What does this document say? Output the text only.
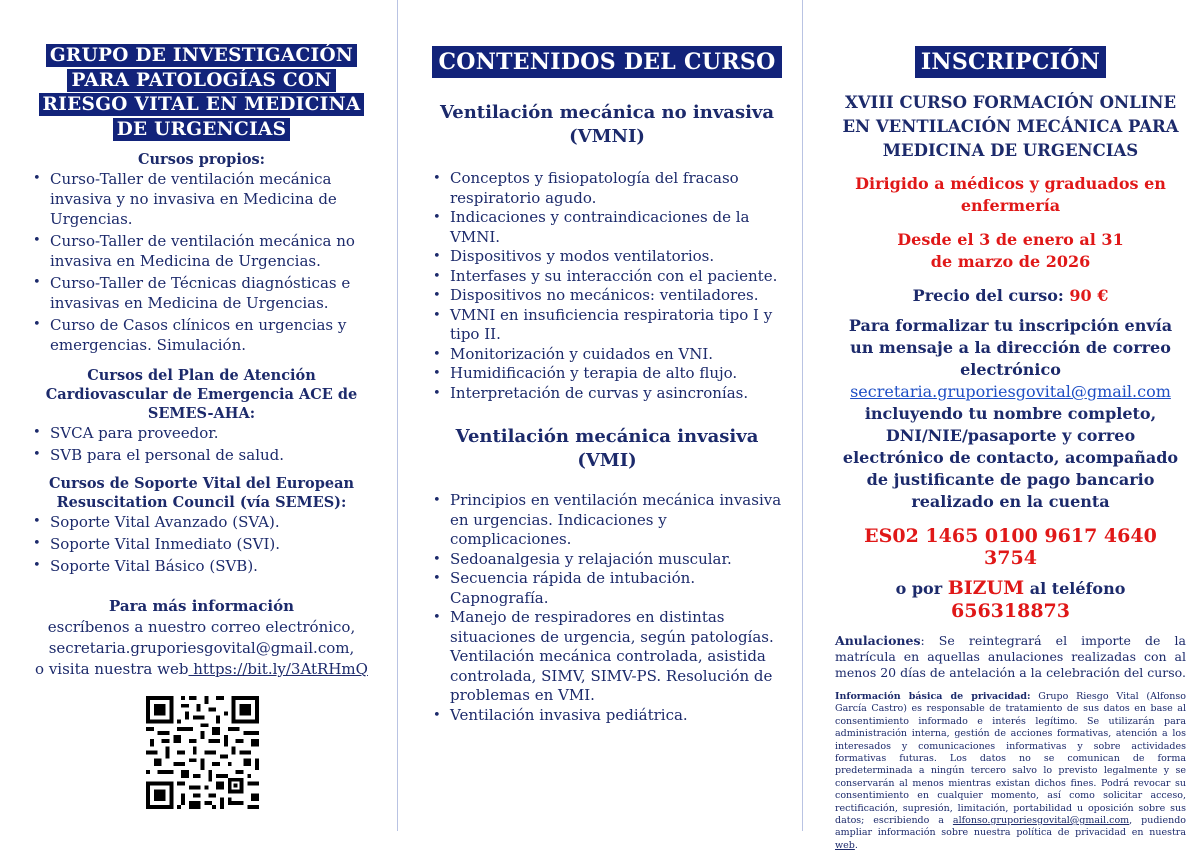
GRUPO DE INVESTIGACIÓN PARA PATOLOGÍAS CON RIESGO VITAL EN MEDICINA DE URGENCIAS
Cursos propios:
• Curso-Taller de ventilación mecánica invasiva y no invasiva en Medicina de Urgencias.
• Curso-Taller de ventilación mecánica no invasiva en Medicina de Urgencias.
• Curso-Taller de Técnicas diagnósticas e invasivas en Medicina de Urgencias.
• Curso de Casos clínicos en urgencias y emergencias. Simulación.
Cursos del Plan de Atención Cardiovascular de Emergencia ACE de SEMES-AHA:
• SVCA para proveedor.
• SVB para el personal de salud.
Cursos de Soporte Vital del European Resuscitation Council (vía SEMES):
• Soporte Vital Avanzado (SVA).
• Soporte Vital Inmediato (SVI).
• Soporte Vital Básico (SVB).
Para más información
escríbenos a nuestro correo electrónico,
secretaria.gruporiesgovital@gmail.com,
o visita nuestra web https://bit.ly/3AtRHmQ
CONTENIDOS DEL CURSO
Ventilación mecánica no invasiva (VMNI)
• Conceptos y fisiopatología del fracaso respiratorio agudo.
• Indicaciones y contraindicaciones de la VMNI.
• Dispositivos y modos ventilatorios.
• Interfases y su interacción con el paciente.
• Dispositivos no mecánicos: ventiladores.
• VMNI en insuficiencia respiratoria tipo I y tipo II.
• Monitorización y cuidados en VNI.
• Humidificación y terapia de alto flujo.
• Interpretación de curvas y asincronías.
Ventilación mecánica invasiva (VMI)
• Principios en ventilación mecánica invasiva en urgencias. Indicaciones y complicaciones.
• Sedoanalgesia y relajación muscular.
• Secuencia rápida de intubación. Capnografía.
• Manejo de respiradores en distintas situaciones de urgencia, según patologías. Ventilación mecánica controlada, asistida controlada, SIMV, SIMV-PS. Resolución de problemas en VMI.
• Ventilación invasiva pediátrica.
INSCRIPCIÓN
XVIII CURSO FORMACIÓN ONLINE EN VENTILACIÓN MECÁNICA PARA MEDICINA DE URGENCIAS
Dirigido a médicos y graduados en enfermería
Desde el 3 de enero al 31 de marzo de 2026
Precio del curso: 90 €
Para formalizar tu inscripción envía un mensaje a la dirección de correo electrónico
secretaria.gruporiesgovital@gmail.com
incluyendo tu nombre completo, DNI/NIE/pasaporte y correo electrónico de contacto, acompañado de justificante de pago bancario realizado en la cuenta
ES02 1465 0100 9617 4640 3754
o por BIZUM al teléfono 656318873
Anulaciones: Se reintegrará el importe de la matrícula en aquellas anulaciones realizadas con al menos 20 días de antelación a la celebración del curso.
Información básica de privacidad: Grupo Riesgo Vital (Alfonso García Castro) es responsable de tratamiento de sus datos en base al consentimiento informado e interés legítimo. Se utilizarán para administración interna, gestión de acciones formativas, atención a los interesados y comunicaciones informativas y sobre actividades formativas futuras. Los datos no se comunican de forma predeterminada a ningún tercero salvo lo previsto legalmente y se conservarán al menos mientras existan dichos fines. Podrá revocar su consentimiento en cualquier momento, así como solicitar acceso, rectificación, supresión, limitación, portabilidad u oposición sobre sus datos; escribiendo a alfonso.gruporiesgovital@gmail.com, pudiendo ampliar información sobre nuestra política de privacidad en nuestra web.
